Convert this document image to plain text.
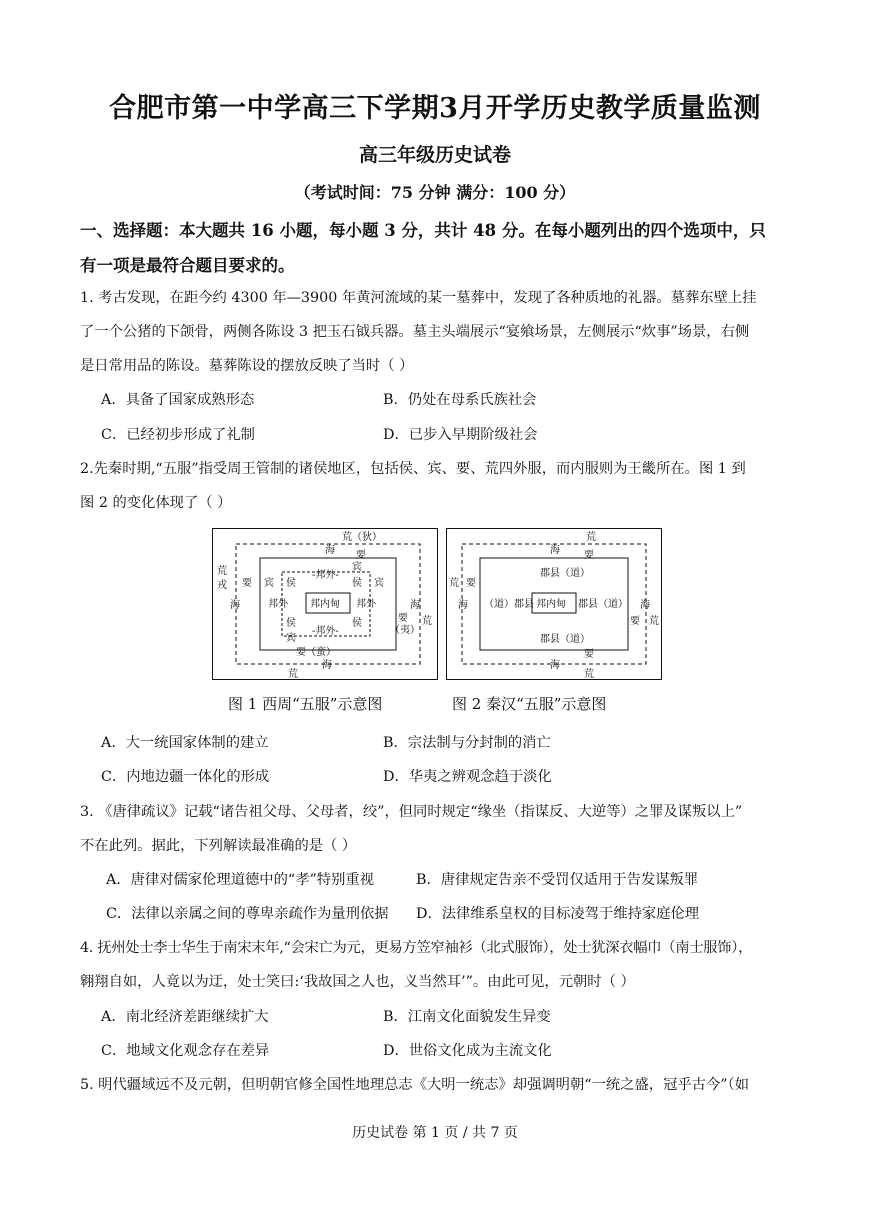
合肥市第一中学高三下学期3月开学历史教学质量监测
高三年级历史试卷
（考试时间：75 分钟 满分：100 分）
一、选择题：本大题共 16 小题，每小题 3 分，共计 48 分。在每小题列出的四个选项中，只
有一项是最符合题目要求的。
1. 考古发现，在距今约 4300 年—3900 年黄河流域的某一墓葬中，发现了各种质地的礼器。墓葬东壁上挂
了一个公猪的下颌骨，两侧各陈设 3 把玉石钺兵器。墓主头端展示“宴飨场景，左侧展示“炊事”场景，右侧
是日常用品的陈设。墓葬陈设的摆放反映了当时（ ）
A．具备了国家成熟形态	B．仍处在母系氏族社会
C．已经初步形成了礼制	D．已步入早期阶级社会
2.先秦时期,“五服”指受周王管制的诸侯地区，包括侯、宾、要、荒四外服，而内服则为王畿所在。图 1 到
图 2 的变化体现了（ ）
荒（狄）
海 要
宾
荒
戎 要
海
宾 侯
-邦外-
侯 宾
邦外 邦内甸 邦外
侯	侯
宾
-邦外-
海
要
（夷）
荒
要（蛮）
海
荒
荒
海 要
郡县（道）
荒 要
海 （道）郡县 邦内甸 郡县（道） 海
要 荒
郡县（道）
要
海
荒
图 1 西周“五服”示意图	图 2 秦汉“五服”示意图
A．大一统国家体制的建立	B．宗法制与分封制的消亡
C．内地边疆一体化的形成	D．华夷之辨观念趋于淡化
3. 《唐律疏议》记载“诸告祖父母、父母者，绞”，但同时规定“缘坐（指谋反、大逆等）之罪及谋叛以上”
不在此列。据此，下列解读最准确的是（ ）
A．唐律对儒家伦理道德中的“孝”特别重视	B．唐律规定告亲不受罚仅适用于告发谋叛罪
C．法律以亲属之间的尊卑亲疏作为量刑依据 D．法律维系皇权的目标凌驾于维持家庭伦理
4. 抚州处士李士华生于南宋末年,“会宋亡为元，更易方笠窄袖衫（北式服饰），处士犹深衣幅巾（南士服饰），
翱翔自如，人竟以为迂，处士笑曰:‘我故国之人也，义当然耳’”。由此可见，元朝时（ ）
A．南北经济差距继续扩大	B．江南文化面貌发生异变
C．地域文化观念存在差异	D．世俗文化成为主流文化
5. 明代疆域远不及元朝，但明朝官修全国性地理总志《大明一统志》却强调明朝“一统之盛，冠乎古今”（如
历史试卷 第 1 页 / 共 7 页
